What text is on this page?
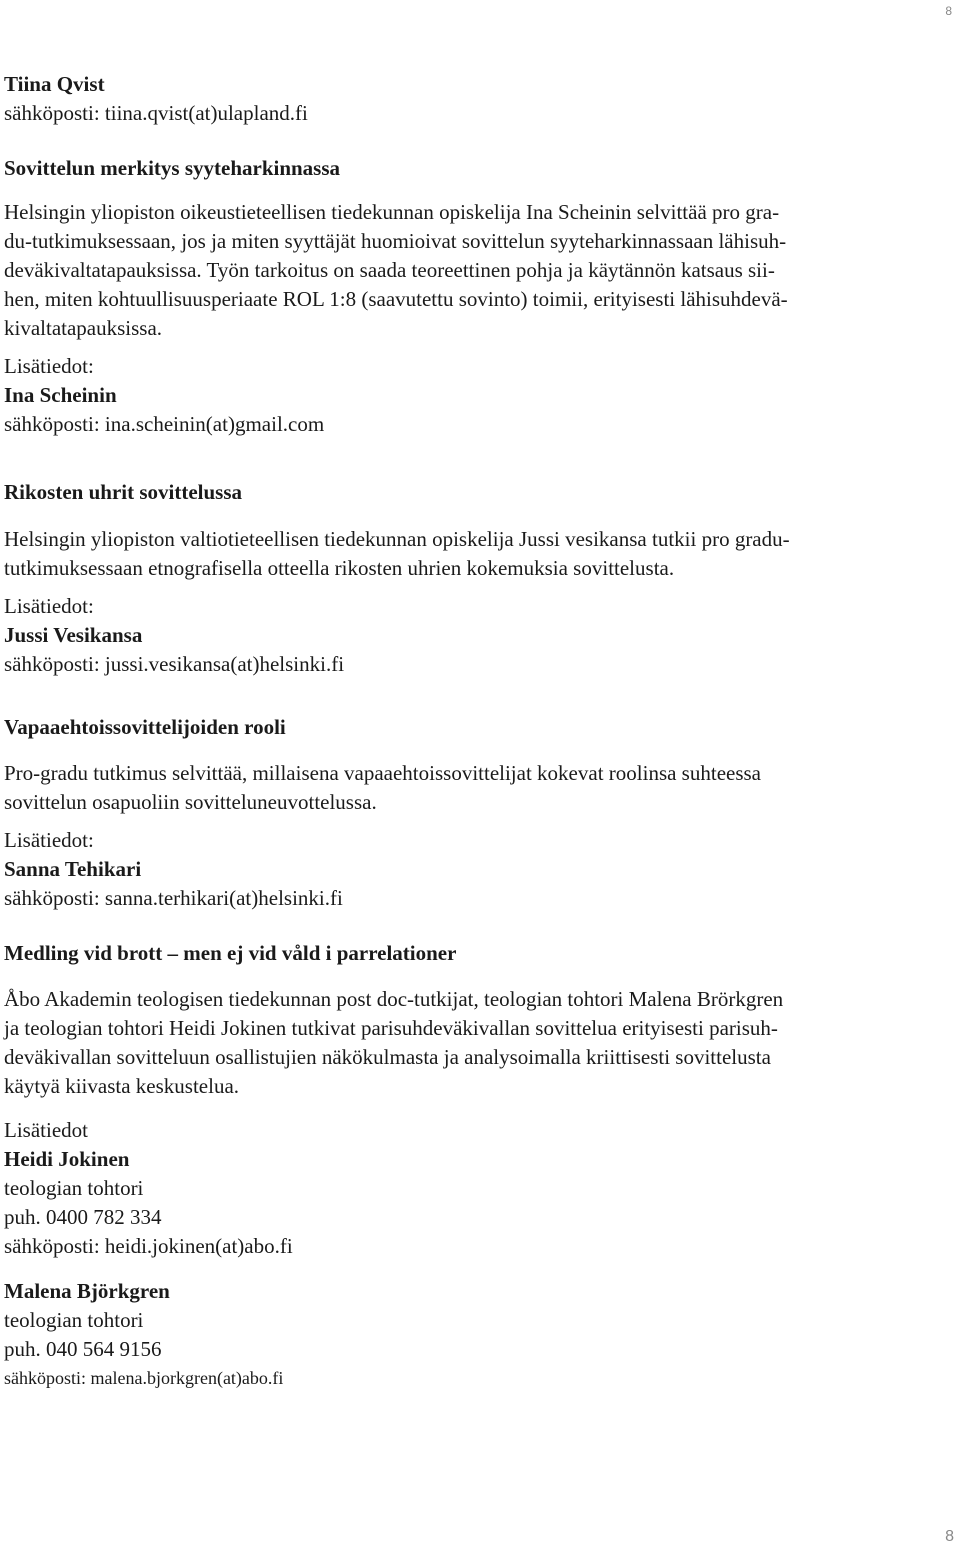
8
Tiina Qvist
sähköposti: tiina.qvist(at)ulapland.fi
Sovittelun merkitys syyteharkinnassa
Helsingin yliopiston oikeustieteellisen tiedekunnan opiskelija Ina Scheinin selvittää pro gra-
du-tutkimuksessaan, jos ja miten syyttäjät huomioivat sovittelun syyteharkinnassaan lähisuh-
deväkivaltatapauksissa. Työn tarkoitus on saada teoreettinen pohja ja käytännön katsaus sii-
hen, miten kohtuullisuusperiaate ROL 1:8 (saavutettu sovinto) toimii, erityisesti lähisuhdevä-
kivaltatapauksissa.
Lisätiedot:
Ina Scheinin
sähköposti: ina.scheinin(at)gmail.com
Rikosten uhrit sovittelussa
Helsingin yliopiston valtiotieteellisen tiedekunnan opiskelija Jussi vesikansa tutkii pro gradu-
tutkimuksessaan etnografisella otteella rikosten uhrien kokemuksia sovittelusta.
Lisätiedot:
Jussi Vesikansa
sähköposti: jussi.vesikansa(at)helsinki.fi
Vapaaehtoissovittelijoiden rooli
Pro-gradu tutkimus selvittää, millaisena vapaaehtoissovittelijat kokevat roolinsa suhteessa
sovittelun osapuoliin sovitteluneuvottelussa.
Lisätiedot:
Sanna Tehikari
sähköposti: sanna.terhikari(at)helsinki.fi
Medling vid brott – men ej vid våld i parrelationer
Åbo Akademin teologisen tiedekunnan post doc-tutkijat, teologian tohtori Malena Brörkgren
ja teologian tohtori Heidi Jokinen tutkivat parisuhdeväkivallan sovittelua erityisesti parisuh-
deväkivallan sovitteluun osallistujien näkökulmasta ja analysoimalla kriittisesti sovittelusta
käytyä kiivasta keskustelua.
Lisätiedot
Heidi Jokinen
teologian tohtori
puh. 0400 782 334
sähköposti: heidi.jokinen(at)abo.fi
Malena Björkgren
teologian tohtori
puh. 040 564 9156
sähköposti: malena.bjorkgren(at)abo.fi
8
